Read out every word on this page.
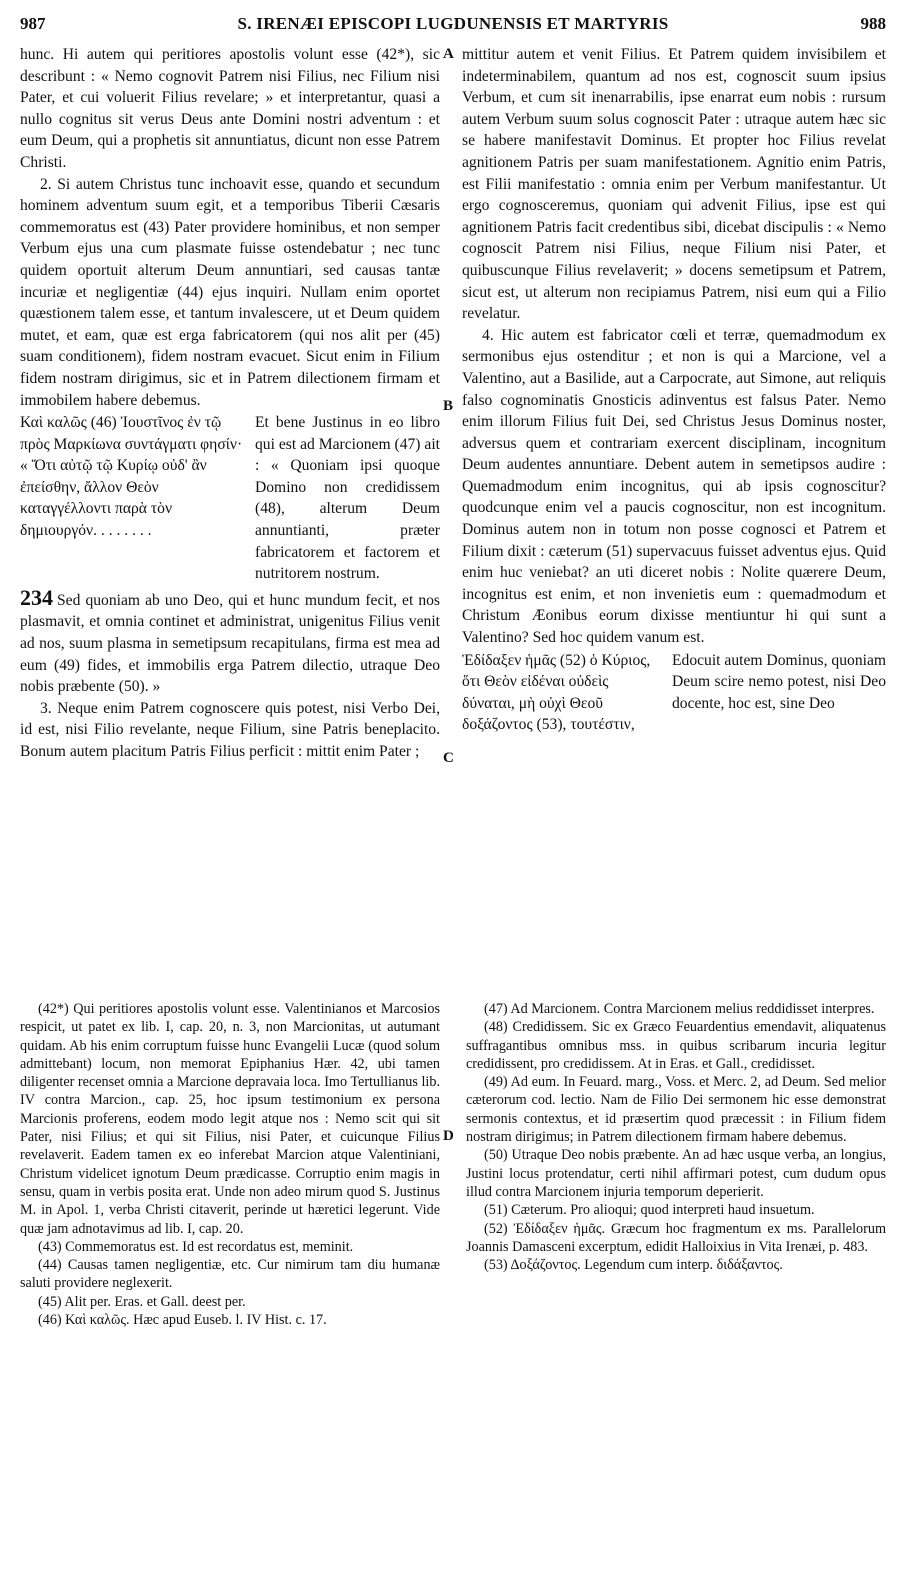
987	S. IRENÆI EPISCOPI LUGDUNENSIS ET MARTYRIS	988
A
B
C
D

hunc. Hi autem qui peritiores apostolis volunt esse (42*), sic describunt : « Nemo cognovit Patrem nisi Filius, nec Filium nisi Pater, et cui voluerit Filius revelare; » et interpretantur, quasi a nullo cognitus sit verus Deus ante Domini nostri adventum : et eum Deum, qui a prophetis sit annuntiatus, dicunt non esse Patrem Christi.

2. Si autem Christus tunc inchoavit esse, quando et secundum hominem adventum suum egit, et a temporibus Tiberii Cæsaris commemoratus est (43) Pater providere hominibus, et non semper Verbum ejus una cum plasmate fuisse ostendebatur ; nec tunc quidem oportuit alterum Deum annuntiari, sed causas tantæ incuriæ et negligentiæ (44) ejus inquiri. Nullam enim oportet quæstionem talem esse, et tantum invalescere, ut et Deum quidem mutet, et eam, quæ est erga fabricatorem (qui nos alit per (45) suam conditionem), fidem nostram evacuet. Sicut enim in Filium fidem nostram dirigimus, sic et in Patrem dilectionem firmam et immobilem habere debemus.

Καὶ καλῶς (46) Ἰουστῖνος ἐν τῷ πρὸς Μαρκίωνα συντάγματι φησίν· « Ὅτι αὐτῷ τῷ Κυρίῳ οὐδ' ἂν ἐπείσθην, ἄλλον Θεὸν καταγγέλλοντι παρὰ τὸν δημιουργόν. . . . . . . .
Et bene Justinus in eo libro qui est ad Marcionem (47) ait : « Quoniam ipsi quoque Domino non credidissem (48), alterum Deum annuntianti, præter fabricatorem et factorem et nutritorem nostrum.

234 Sed quoniam ab uno Deo, qui et hunc mundum fecit, et nos plasmavit, et omnia continet et administrat, unigenitus Filius venit ad nos, suum plasma in semetipsum recapitulans, firma est mea ad eum (49) fides, et immobilis erga Patrem dilectio, utraque Deo nobis præbente (50). »

3. Neque enim Patrem cognoscere quis potest, nisi Verbo Dei, id est, nisi Filio revelante, neque Filium, sine Patris beneplacito. Bonum autem placitum Patris Filius perficit : mittit enim Pater ;

mittitur autem et venit Filius. Et Patrem quidem invisibilem et indeterminabilem, quantum ad nos est, cognoscit suum ipsius Verbum, et cum sit inenarrabilis, ipse enarrat eum nobis : rursum autem Verbum suum solus cognoscit Pater : utraque autem hæc sic se habere manifestavit Dominus. Et propter hoc Filius revelat agnitionem Patris per suam manifestationem. Agnitio enim Patris, est Filii manifestatio : omnia enim per Verbum manifestantur. Ut ergo cognosceremus, quoniam qui advenit Filius, ipse est qui agnitionem Patris facit credentibus sibi, dicebat discipulis : « Nemo cognoscit Patrem nisi Filius, neque Filium nisi Pater, et quibuscunque Filius revelaverit; » docens semetipsum et Patrem, sicut est, ut alterum non recipiamus Patrem, nisi eum qui a Filio revelatur.

4. Hic autem est fabricator cœli et terræ, quemadmodum ex sermonibus ejus ostenditur ; et non is qui a Marcione, vel a Valentino, aut a Basilide, aut a Carpocrate, aut Simone, aut reliquis falso cognominatis Gnosticis adinventus est falsus Pater. Nemo enim illorum Filius fuit Dei, sed Christus Jesus Dominus noster, adversus quem et contrariam exercent disciplinam, incognitum Deum audentes annuntiare. Debent autem in semetipsos audire : Quemadmodum enim incognitus, qui ab ipsis cognoscitur? quodcunque enim vel a paucis cognoscitur, non est incognitum. Dominus autem non in totum non posse cognosci et Patrem et Filium dixit : cæterum (51) supervacuus fuisset adventus ejus. Quid enim huc veniebat? an uti diceret nobis : Nolite quærere Deum, incognitus est enim, et non invenietis eum : quemadmodum et Christum Æonibus eorum dixisse mentiuntur hi qui sunt a Valentino? Sed hoc quidem vanum est.

Ἐδίδαξεν ἡμᾶς (52) ὁ Κύριος, ὅτι Θεὸν εἰδέναι οὐδεὶς δύναται, μὴ οὐχὶ Θεοῦ δοξάζοντος (53), τουτέστιν,
Edocuit autem Dominus, quoniam Deum scire nemo potest, nisi Deo docente, hoc est, sine Deo

(42*) Qui peritiores apostolis volunt esse. Valentinianos et Marcosios respicit, ut patet ex lib. I, cap. 20, n. 3, non Marcionitas, ut autumant quidam. Ab his enim corruptum fuisse hunc Evangelii Lucæ (quod solum admittebant) locum, non memorat Epiphanius Hær. 42, ubi tamen diligenter recenset omnia a Marcione depravaia loca. Imo Tertullianus lib. IV contra Marcion., cap. 25, hoc ipsum testimonium ex persona Marcionis proferens, eodem modo legit atque nos : Nemo scit qui sit Pater, nisi Filius; et qui sit Filius, nisi Pater, et cuicunque Filius revelaverit. Eadem tamen ex eo inferebat Marcion atque Valentiniani, Christum videlicet ignotum Deum prædicasse. Corruptio enim magis in sensu, quam in verbis posita erat. Unde non adeo mirum quod S. Justinus M. in Apol. 1, verba Christi citaverit, perinde ut hæretici legerunt. Vide quæ jam adnotavimus ad lib. I, cap. 20.

(43) Commemoratus est. Id est recordatus est, meminit.

(44) Causas tamen negligentiæ, etc. Cur nimirum tam diu humanæ saluti providere neglexerit.

(45) Alit per. Eras. et Gall. deest per.

(46) Καὶ καλῶς. Hæc apud Euseb. l. IV Hist. c. 17.

(47) Ad Marcionem. Contra Marcionem melius reddidisset interpres.

(48) Credidissem. Sic ex Græco Feuardentius emendavit, aliquatenus suffragantibus omnibus mss. in quibus scribarum incuria legitur credidissent, pro credidissem. At in Eras. et Gall., credidisset.

(49) Ad eum. In Feuard. marg., Voss. et Merc. 2, ad Deum. Sed melior cæterorum cod. lectio. Nam de Filio Dei sermonem hic esse demonstrat sermonis contextus, et id præsertim quod præcessit : in Filium fidem nostram dirigimus; in Patrem dilectionem firmam habere debemus.

(50) Utraque Deo nobis præbente. An ad hæc usque verba, an longius, Justini locus protendatur, certi nihil affirmari potest, cum dudum opus illud contra Marcionem injuria temporum deperierit.

(51) Cæterum. Pro alioqui; quod interpreti haud insuetum.

(52) Ἐδίδαξεν ἡμᾶς. Græcum hoc fragmentum ex ms. Parallelorum Joannis Damasceni excerptum, edidit Halloixius in Vita Irenæi, p. 483.

(53) Δοξάζοντος. Legendum cum interp. διδάξαντος.
